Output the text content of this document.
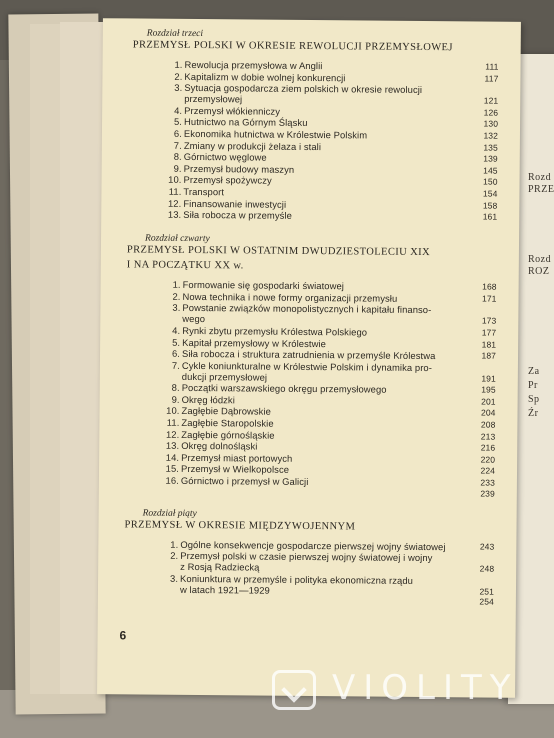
Rozd
PRZE
Rozd
ROZ
Za
Pr
Sp
Źr
Rozdział trzeci
PRZEMYSŁ POLSKI W OKRESIE REWOLUCJI PRZEMYSŁOWEJ
1. Rewolucja przemysłowa w Anglii	111
2. Kapitalizm w dobie wolnej konkurencji	117
3. Sytuacja gospodarcza ziem polskich w okresie rewolucji
przemysłowej	121
4. Przemysł włókienniczy	126
5. Hutnictwo na Górnym Śląsku	130
6. Ekonomika hutnictwa w Królestwie Polskim	132
7. Zmiany w produkcji żelaza i stali	135
8. Górnictwo węglowe	139
9. Przemysł budowy maszyn	145
10. Przemysł spożywczy	150
11. Transport	154
12. Finansowanie inwestycji	158
13. Siła robocza w przemyśle	161
Rozdział czwarty
PRZEMYSŁ POLSKI W OSTATNIM DWUDZIESTOLECIU XIX
I NA POCZĄTKU XX w.
1. Formowanie się gospodarki światowej	168
2. Nowa technika i nowe formy organizacji przemysłu	171
3. Powstanie związków monopolistycznych i kapitału finanso-
wego	173
4. Rynki zbytu przemysłu Królestwa Polskiego	177
5. Kapitał przemysłowy w Królestwie	181
6. Siła robocza i struktura zatrudnienia w przemyśle Królestwa	187
7. Cykle koniunkturalne w Królestwie Polskim i dynamika pro-
dukcji przemysłowej	191
8. Początki warszawskiego okręgu przemysłowego	195
9. Okręg łódzki	201
10. Zagłębie Dąbrowskie	204
11. Zagłębie Staropolskie	208
12. Zagłębie górnośląskie	213
13. Okręg dolnośląski	216
14. Przemysł miast portowych	220
15. Przemysł w Wielkopolsce	224
16. Górnictwo i przemysł w Galicji	233
239
Rozdział piąty
PRZEMYSŁ W OKRESIE MIĘDZYWOJENNYM
1. Ogólne konsekwencje gospodarcze pierwszej wojny światowej	243
2. Przemysł polski w czasie pierwszej wojny światowej i wojny
z Rosją Radziecką	248
3. Koniunktura w przemyśle i polityka ekonomiczna rządu
w latach 1921—1929	251
254
6
VIOLITY
